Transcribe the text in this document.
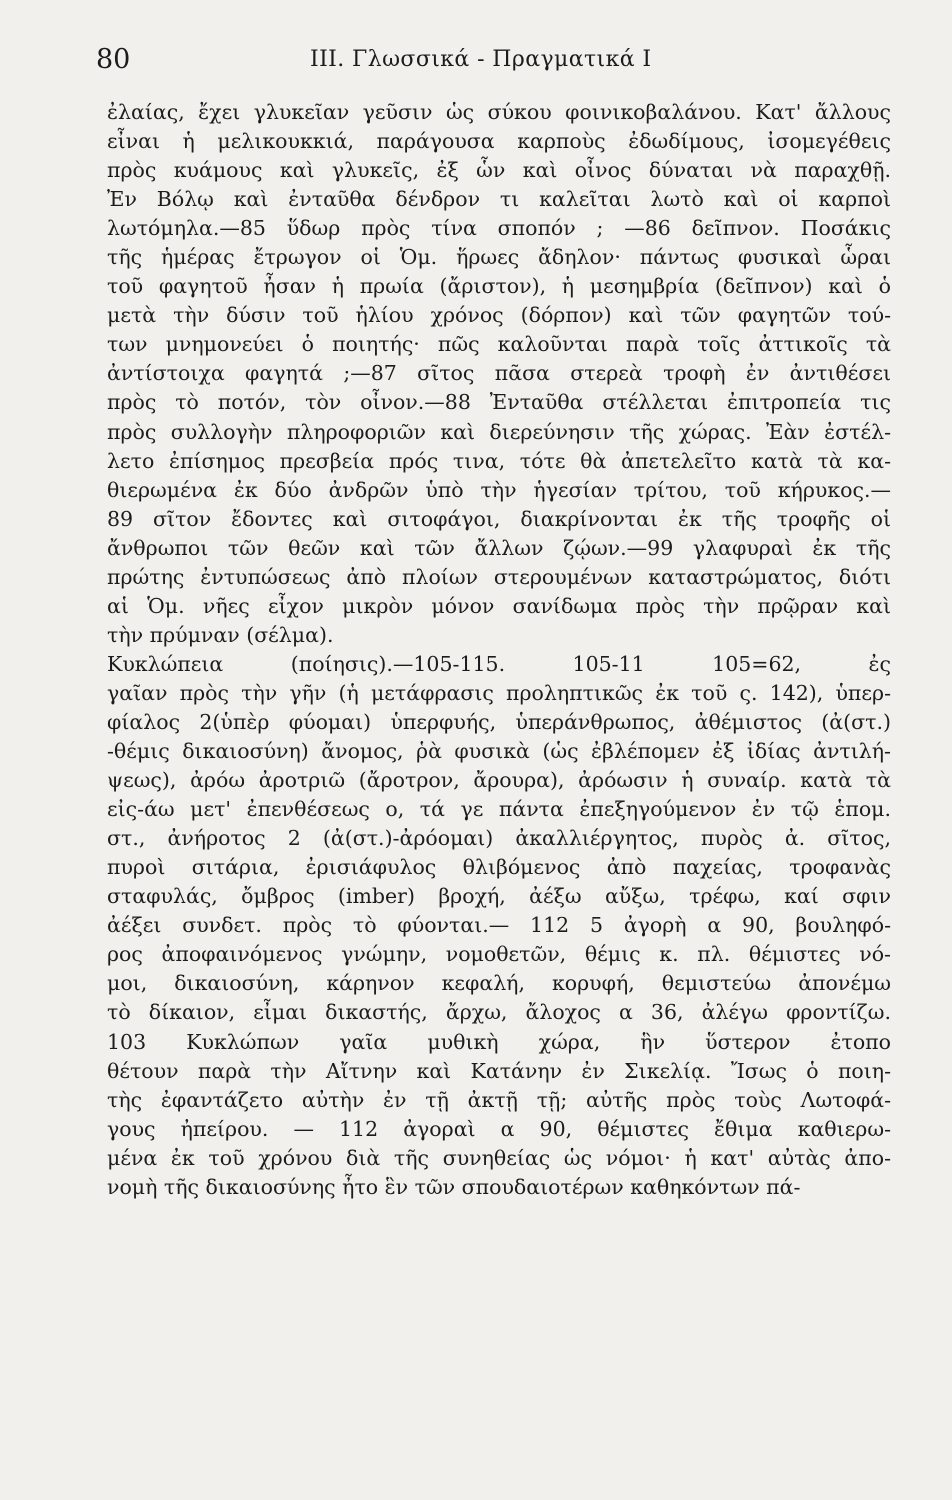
80	III. Γλωσσικά - Πραγματικά I
ἐλαίας, ἔχει γλυκεῖαν γεῦσιν ὡς σύκου φοινικοβαλάνου. Κατ' ἄλλους
εἶναι ἡ μελικουκκιά, παράγουσα καρποὺς ἐδωδίμους, ἰσομεγέθεις
πρὸς κυάμους καὶ γλυκεῖς, ἐξ ὧν καὶ οἶνος δύναται νὰ παραχθῇ.
Ἐν Βόλῳ καὶ ἐνταῦθα δένδρον τι καλεῖται λωτὸ καὶ οἱ καρποὶ
λωτόμηλα.—85 ὕδωρ πρὸς τίνα σποπόν ; —86 δεῖπνον. Ποσάκις
τῆς ἡμέρας ἔτρωγον οἱ Ὁμ. ἥρωες ἄδηλον· πάντως φυσικαὶ ὧραι
τοῦ φαγητοῦ ἦσαν ἡ πρωία (ἄριστον), ἡ μεσημβρία (δεῖπνον) καὶ ὁ
μετὰ τὴν δύσιν τοῦ ἡλίου χρόνος (δόρπον) καὶ τῶν φαγητῶν τού-
των μνημονεύει ὁ ποιητής· πῶς καλοῦνται παρὰ τοῖς ἀττικοῖς τὰ
ἀντίστοιχα φαγητά ;—87 σῖτος πᾶσα στερεὰ τροφὴ ἐν ἀντιθέσει
πρὸς τὸ ποτόν, τὸν οἶνον.—88 Ἐνταῦθα στέλλεται ἐπιτροπεία τις
πρὸς συλλογὴν πληροφοριῶν καὶ διερεύνησιν τῆς χώρας. Ἐὰν ἐστέλ-
λετο ἐπίσημος πρεσβεία πρός τινα, τότε θὰ ἀπετελεῖτο κατὰ τὰ κα-
θιερωμένα ἐκ δύο ἀνδρῶν ὑπὸ τὴν ἡγεσίαν τρίτου, τοῦ κήρυκος.—
89 σῖτον ἔδοντες καὶ σιτοφάγοι, διακρίνονται ἐκ τῆς τροφῆς οἱ
ἄνθρωποι τῶν θεῶν καὶ τῶν ἄλλων ζῴων.—99 γλαφυραὶ ἐκ τῆς
πρώτης ἐντυπώσεως ἀπὸ πλοίων στερουμένων καταστρώματος, διότι
αἱ Ὁμ. νῆες εἶχον μικρὸν μόνον σανίδωμα πρὸς τὴν πρῷραν καὶ
τὴν πρύμναν (σέλμα).
Κυκλώπεια (ποίησις).—105-115. 105-11 105=62, ἐς
γαῖαν πρὸς τὴν γῆν (ἡ μετάφρασις προληπτικῶς ἐκ τοῦ ς. 142), ὑπερ-
φίαλος 2(ὑπὲρ φύομαι) ὑπερφυής, ὑπεράνθρωπος, ἀθέμιστος (ἀ(στ.)
-θέμις δικαιοσύνη) ἄνομος, ῥὰ φυσικὰ (ὡς ἐβλέπομεν ἐξ ἰδίας ἀντιλή-
ψεως), ἀρόω ἀροτριῶ (ἄροτρον, ἄρουρα), ἀρόωσιν ἡ συναίρ. κατὰ τὰ
εἰς-άω μετ' ἐπενθέσεως ο, τά γε πάντα ἐπεξηγούμενον ἐν τῷ ἑπομ.
στ., ἀνήροτος 2 (ἀ(στ.)-ἀρόομαι) ἀκαλλιέργητος, πυρὸς ἀ. σῖτος,
πυροὶ σιτάρια, ἐρισιάφυλος θλιβόμενος ἀπὸ παχείας, τροφανὰς
σταφυλάς, ὄμβρος (imber) βροχή, ἀέξω αὔξω, τρέφω, καί σφιν
ἀέξει συνδετ. πρὸς τὸ φύονται.— 112 5 ἀγορὴ α 90, βουληφό-
ρος ἀποφαινόμενος γνώμην, νομοθετῶν, θέμις κ. πλ. θέμιστες νό-
μοι, δικαιοσύνη, κάρηνον κεφαλή, κορυφή, θεμιστεύω ἀπονέμω
τὸ δίκαιον, εἶμαι δικαστής, ἄρχω, ἄλοχος α 36, ἀλέγω φροντίζω.
103 Κυκλώπων γαῖα μυθικὴ χώρα, ἣν ὕστερον ἐτοπο
θέτουν παρὰ τὴν Αἴτνην καὶ Κατάνην ἐν Σικελίᾳ. Ἴσως ὁ ποιη-
τὴς ἐφαντάζετο αὐτὴν ἐν τῇ ἀκτῇ τῇ; αὐτῆς πρὸς τοὺς Λωτοφά-
γους ἠπείρου. — 112 ἀγοραὶ α 90, θέμιστες ἔθιμα καθιερω-
μένα ἐκ τοῦ χρόνου διὰ τῆς συνηθείας ὡς νόμοι· ἡ κατ' αὐτὰς ἀπο-
νομὴ τῆς δικαιοσύνης ἦτο ἓν τῶν σπουδαιοτέρων καθηκόντων πά-
